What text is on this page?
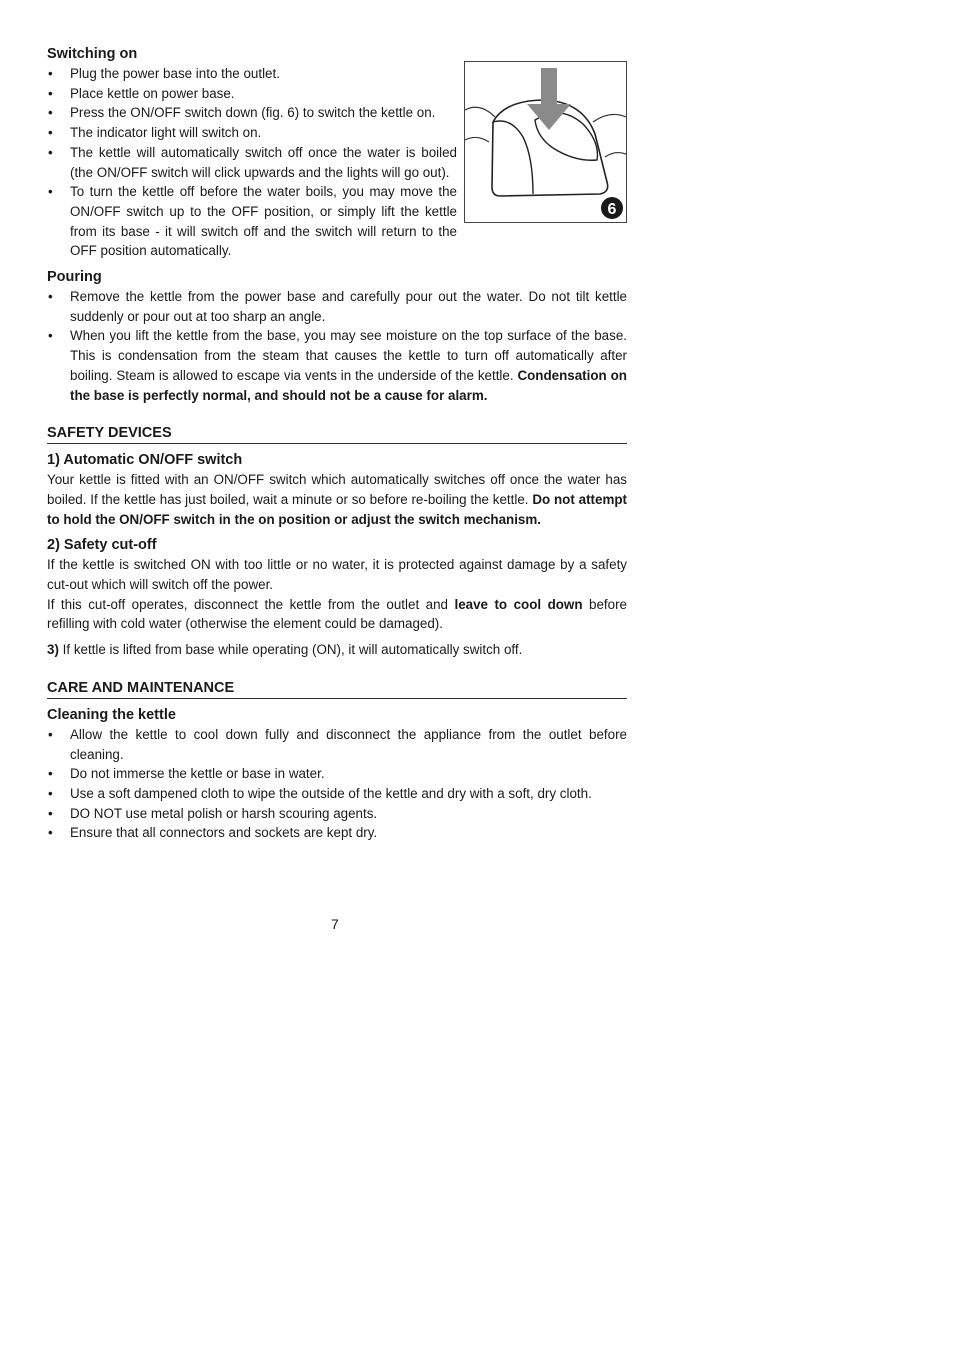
6
Switching on
• Plug the power base into the outlet.
• Place kettle on power base.
• Press the ON/OFF switch down (fig. 6) to switch the kettle on.
• The indicator light will switch on.
• The kettle will automatically switch off once the water is boiled (the ON/OFF switch will click upwards and the lights will go out).
• To turn the kettle off before the water boils, you may move the ON/OFF switch up to the OFF position, or simply lift the kettle from its base - it will switch off and the switch will return to the OFF position automatically.
Pouring
• Remove the kettle from the power base and carefully pour out the water. Do not tilt kettle suddenly or pour out at too sharp an angle.
• When you lift the kettle from the base, you may see moisture on the top surface of the base. This is condensation from the steam that causes the kettle to turn off automatically after boiling. Steam is allowed to escape via vents in the underside of the kettle. Condensation on the base is perfectly normal, and should not be a cause for alarm.
SAFETY DEVICES
1) Automatic ON/OFF switch
Your kettle is fitted with an ON/OFF switch which automatically switches off once the water has boiled. If the kettle has just boiled, wait a minute or so before re-boiling the kettle. Do not attempt to hold the ON/OFF switch in the on position or adjust the switch mechanism.
2) Safety cut-off
If the kettle is switched ON with too little or no water, it is protected against damage by a safety cut-out which will switch off the power.
If this cut-off operates, disconnect the kettle from the outlet and leave to cool down before refilling with cold water (otherwise the element could be damaged).
3) If kettle is lifted from base while operating (ON), it will automatically switch off.
CARE AND MAINTENANCE
Cleaning the kettle
• Allow the kettle to cool down fully and disconnect the appliance from the outlet before cleaning.
• Do not immerse the kettle or base in water.
• Use a soft dampened cloth to wipe the outside of the kettle and dry with a soft, dry cloth.
• DO NOT use metal polish or harsh scouring agents.
• Ensure that all connectors and sockets are kept dry.
7
